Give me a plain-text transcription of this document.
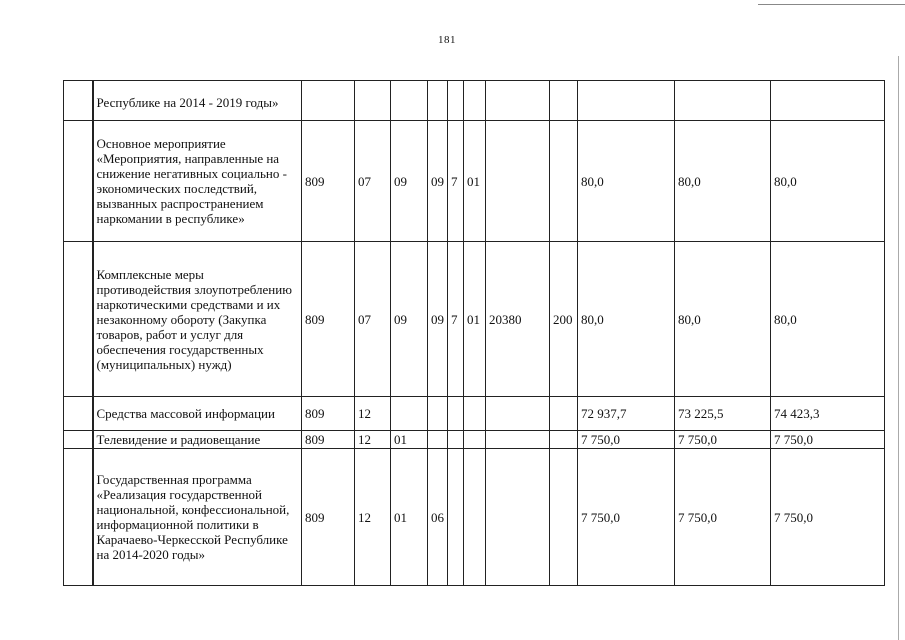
181
	Республике на 2014 - 2019 годы»											
	Основное мероприятие «Мероприятия, направленные на снижение негативных социально - экономических последствий, вызванных распространением наркомании в республике»	809	07	09	09	7	01			80,0	80,0	80,0
	Комплексные меры противодействия злоупотреблению наркотическими средствами и их незаконному обороту (Закупка товаров, работ и услуг для обеспечения государственных (муниципальных) нужд)	809	07	09	09	7	01	20380	200	80,0	80,0	80,0
	Средства массовой информации	809	12							72 937,7	73 225,5	74 423,3
	Телевидение и радиовещание	809	12	01						7 750,0	7 750,0	7 750,0
	Государственная программа «Реализация государственной национальной, конфессиональной, информационной политики в Карачаево-Черкесской Республике на 2014-2020 годы»	809	12	01	06					7 750,0	7 750,0	7 750,0
